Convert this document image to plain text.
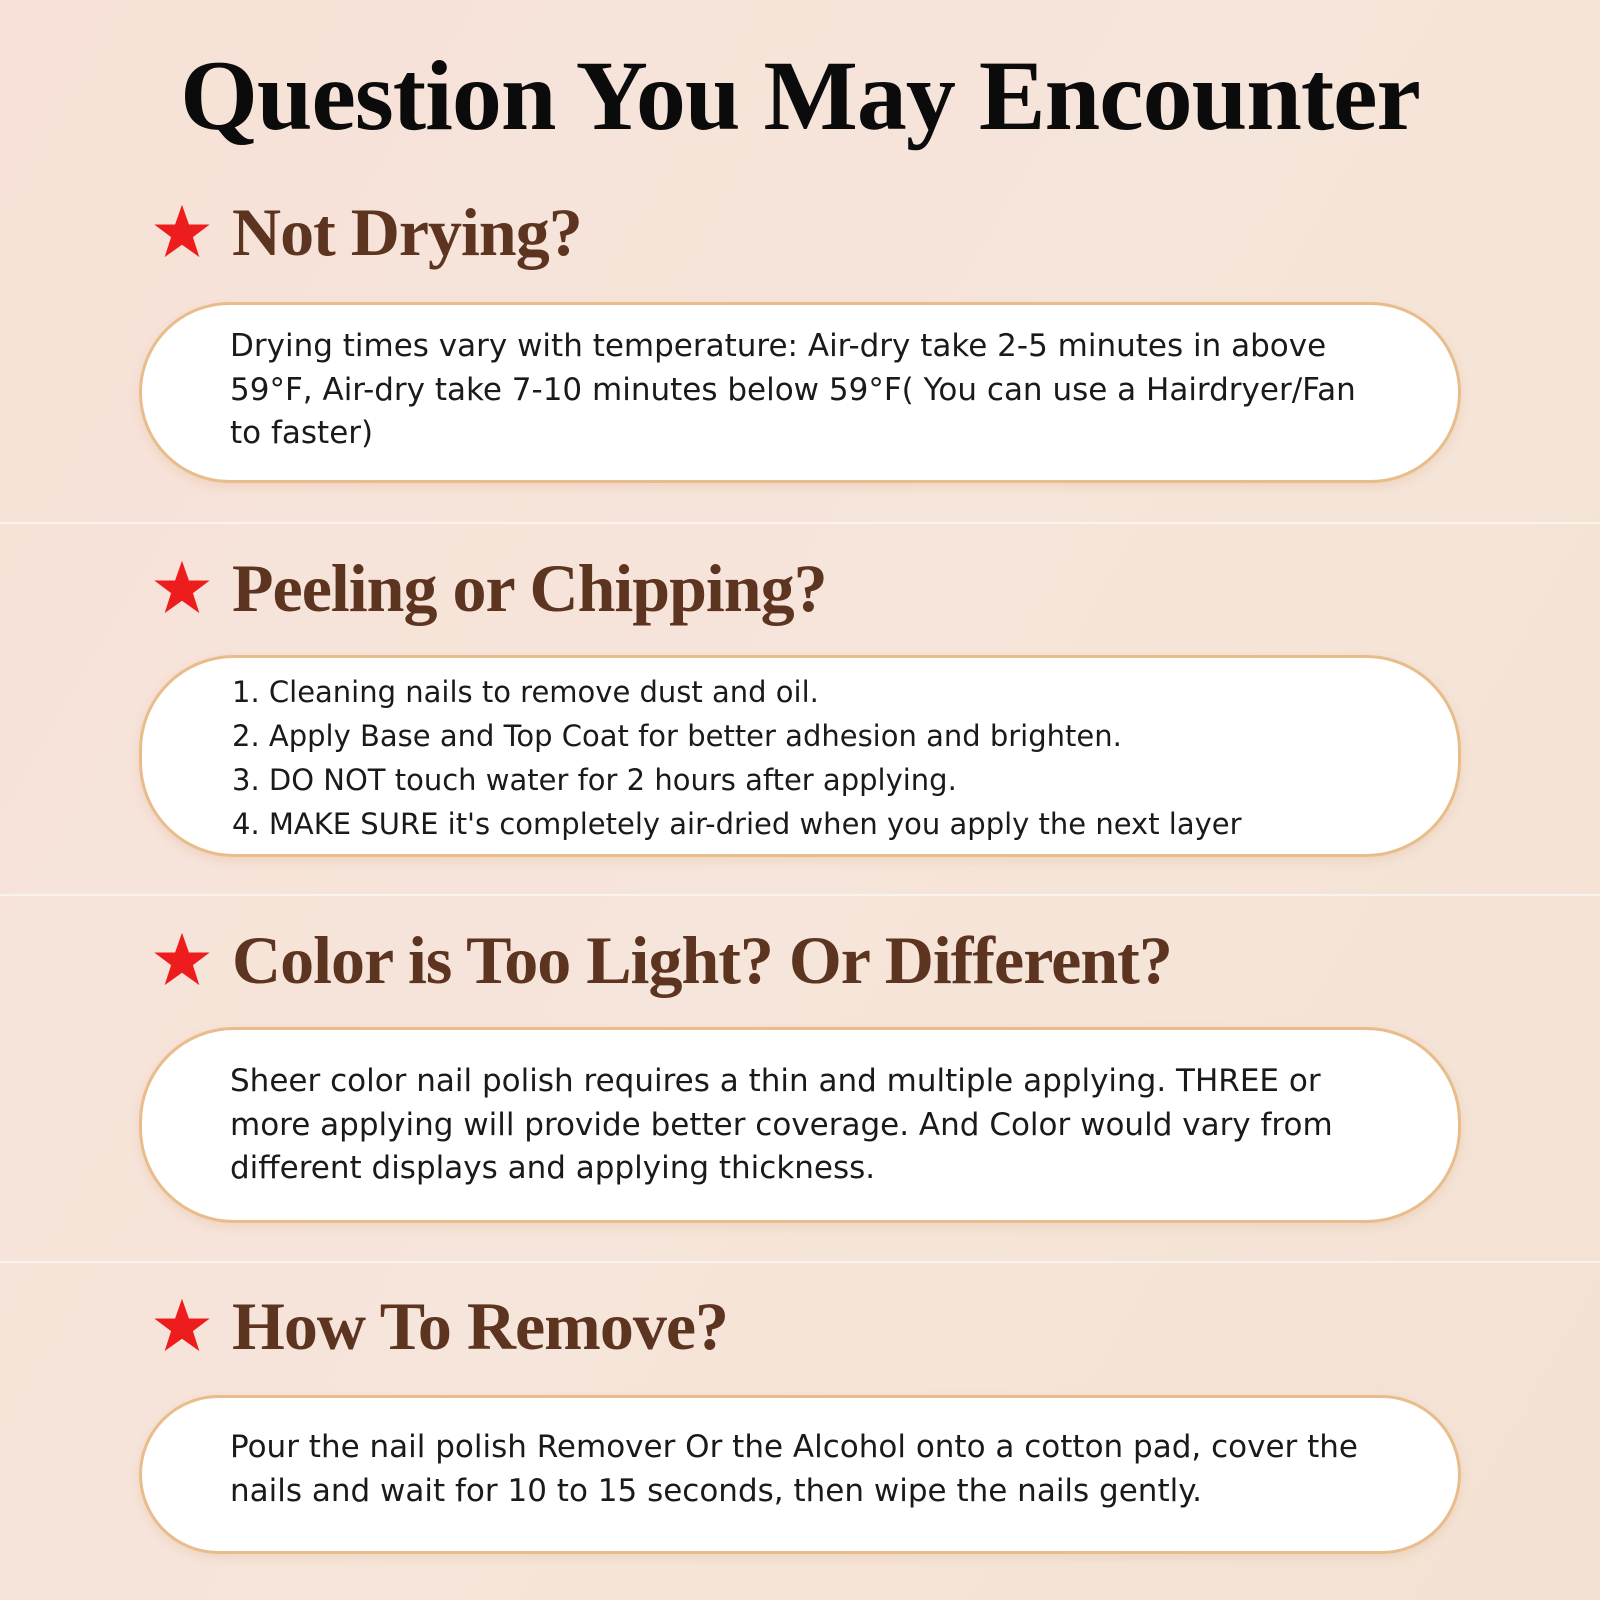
Question You May Encounter
Not Drying?
Drying times vary with temperature: Air-dry take 2-5 minutes in above 59°F, Air-dry take 7-10 minutes below 59°F( You can use a Hairdryer/Fan to faster)
Peeling or Chipping?
1. Cleaning nails to remove dust and oil.
2. Apply Base and Top Coat for better adhesion and brighten.
3. DO NOT touch water for 2 hours after applying.
4. MAKE SURE it's completely air-dried when you apply the next layer
Color is Too Light? Or Different?
Sheer color nail polish requires a thin and multiple applying. THREE or more applying will provide better coverage. And Color would vary from different displays and applying thickness.
How To Remove?
Pour the nail polish Remover Or the Alcohol onto a cotton pad, cover the nails and wait for 10 to 15 seconds, then wipe the nails gently.
